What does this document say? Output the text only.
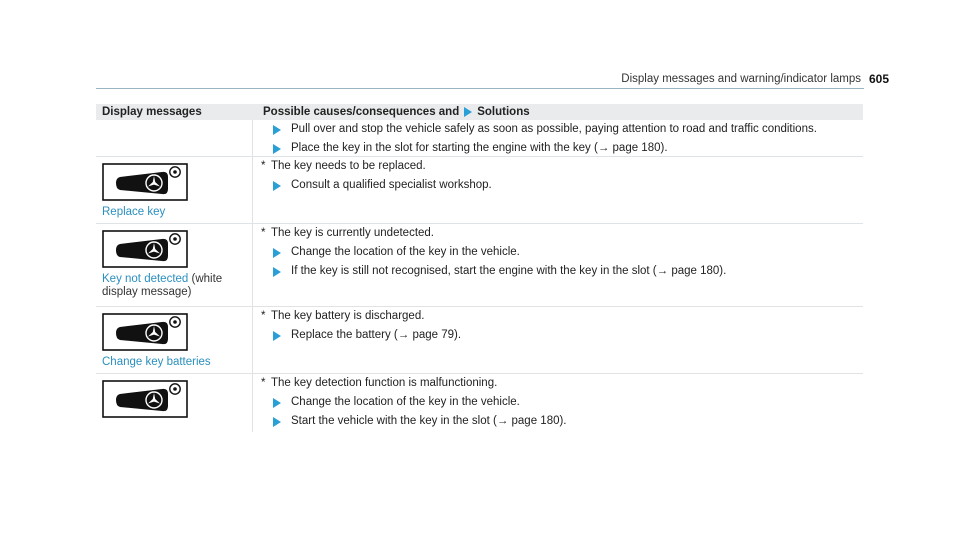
Display messages and warning/indicator lamps 605
Display messages	Possible causes/consequences and Solutions
Pull over and stop the vehicle safely as soon as possible, paying attention to road and traffic conditions.
Place the key in the slot for starting the engine with the key (→ page 180).
Replace key
* The key needs to be replaced.
Consult a qualified specialist workshop.
Key not detected (white display message)
* The key is currently undetected.
Change the location of the key in the vehicle.
If the key is still not recognised, start the engine with the key in the slot (→ page 180).
Change key batteries
* The key battery is discharged.
Replace the battery (→ page 79).
* The key detection function is malfunctioning.
Change the location of the key in the vehicle.
Start the vehicle with the key in the slot (→ page 180).
